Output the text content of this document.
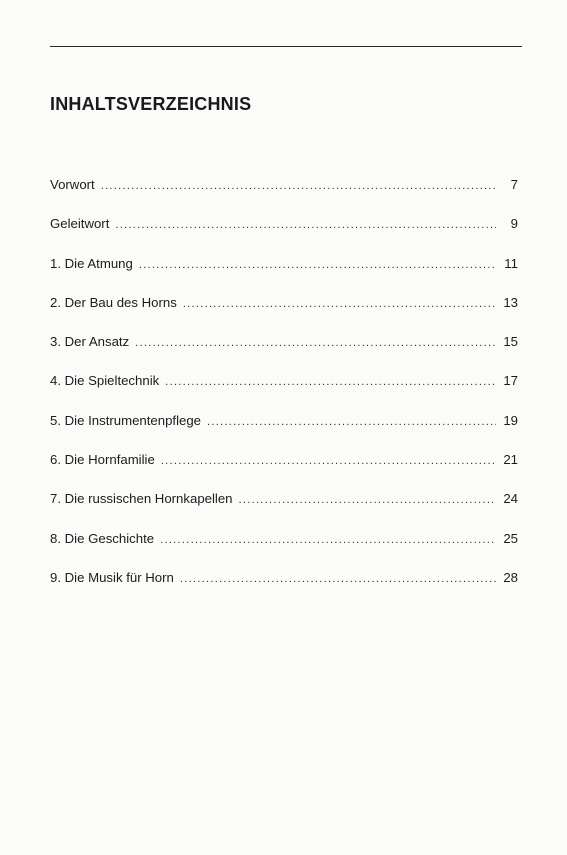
INHALTSVERZEICHNIS
Vorwort .....	7
Geleitwort .....	9
1. Die Atmung .....	11
2. Der Bau des Horns .....	13
3. Der Ansatz .....	15
4. Die Spieltechnik .....	17
5. Die Instrumentenpflege .....	19
6. Die Hornfamilie .....	21
7. Die russischen Hornkapellen .....	24
8. Die Geschichte .....	25
9. Die Musik für Horn .....	28
